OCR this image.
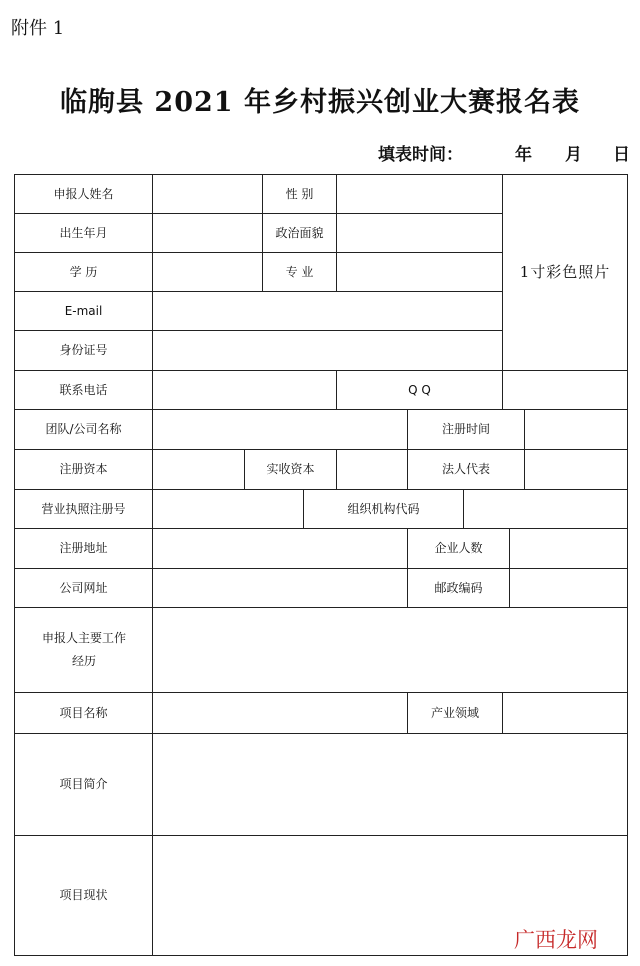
附件 1
临朐县 2021 年乡村振兴创业大赛报名表
填表时间：	年 月 日
申报人姓名	性 别
1寸彩色照片
出生年月	政治面貌
学 历	专 业
E-mail
身份证号
联系电话	Q Q
团队/公司名称	注册时间
注册资本	实收资本	法人代表
营业执照注册号	组织机构代码
注册地址	企业人数
公司网址	邮政编码
申报人主要工作经历
项目名称	产业领域
项目简介
项目现状
广西龙网
